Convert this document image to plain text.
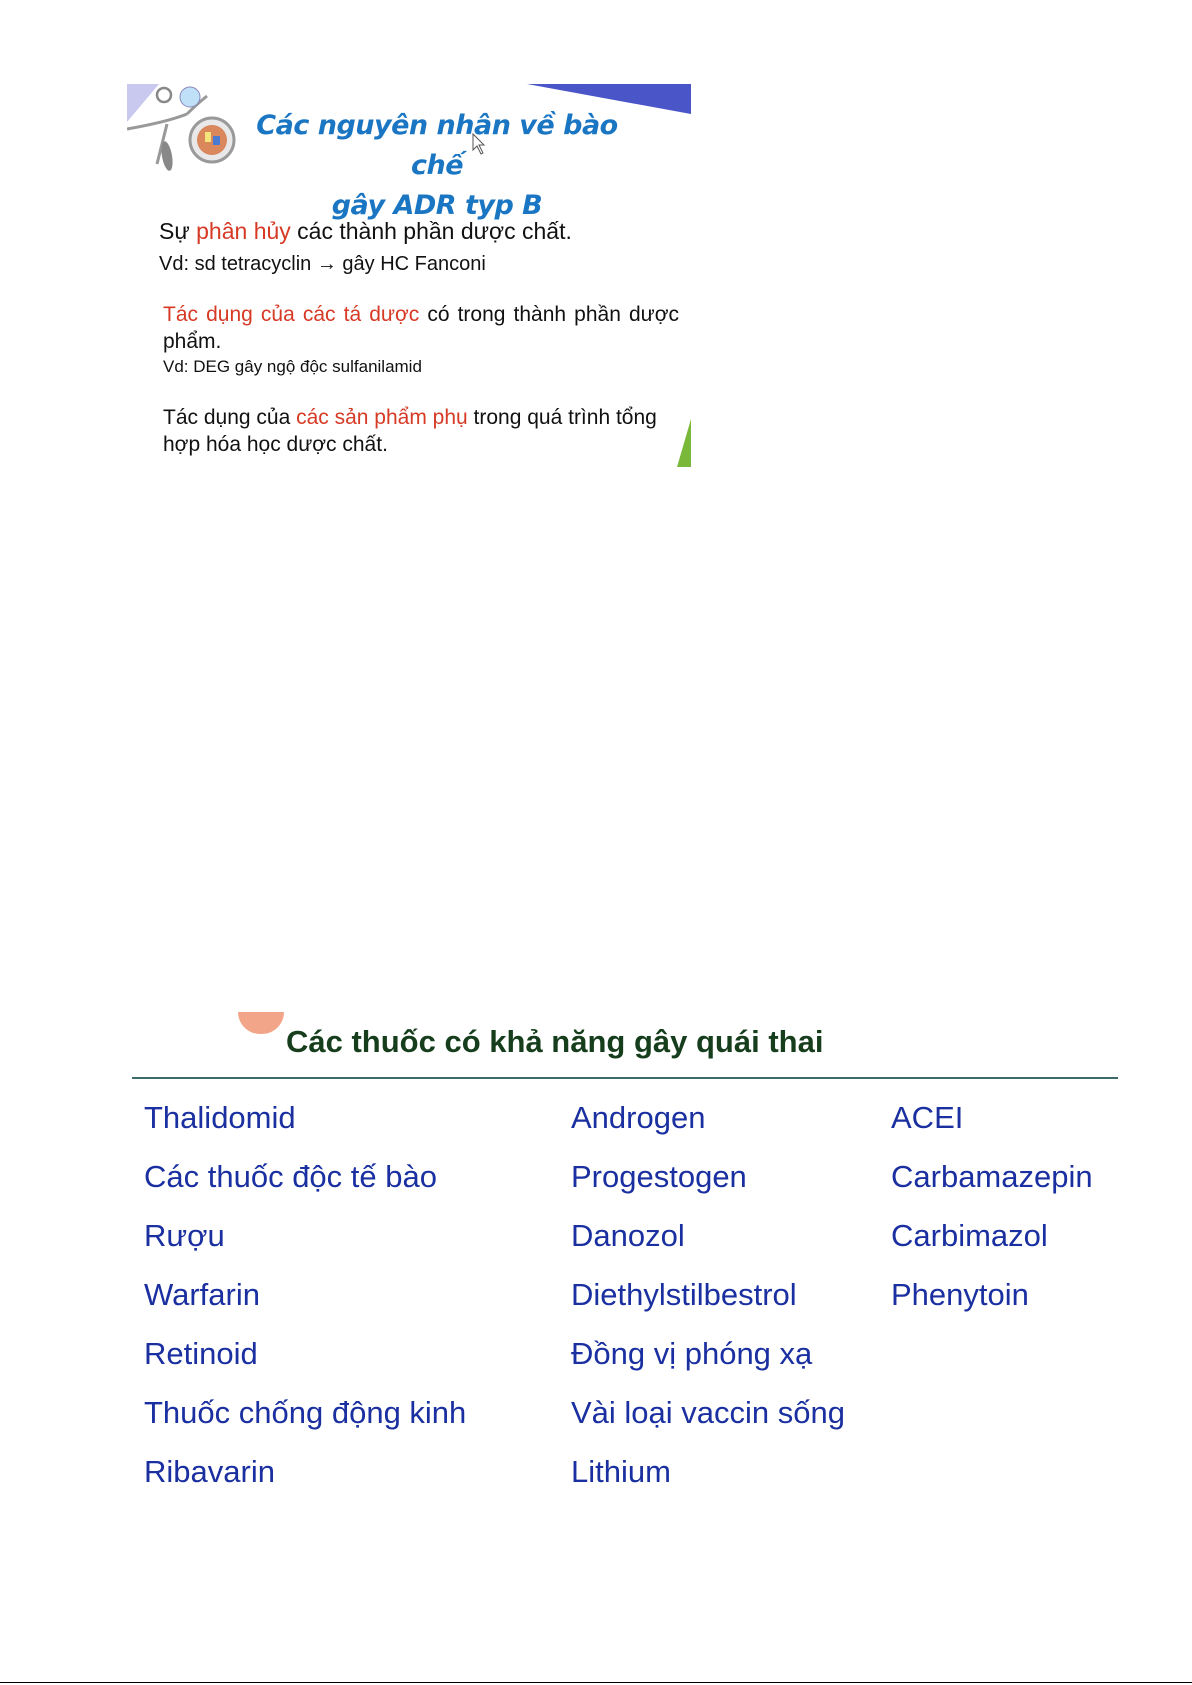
Các nguyên nhân về bào chế
gây ADR typ B
Sự phân hủy các thành phần dược chất.
Vd: sd tetracyclin → gây HC Fanconi
Tác dụng của các tá dược có trong thành phần dược phẩm.
Vd: DEG gây ngộ độc sulfanilamid
Tác dụng của các sản phẩm phụ trong quá trình tổng hợp hóa học dược chất.
Các thuốc có khả năng gây quái thai
Thalidomid
Các thuốc độc tế bào
Rượu
Warfarin
Retinoid
Thuốc chống động kinh
Ribavarin
Androgen
Progestogen
Danozol
Diethylstilbestrol
Đồng vị phóng xạ
Vài loại vaccin sống
Lithium
ACEI
Carbamazepin
Carbimazol
Phenytoin
